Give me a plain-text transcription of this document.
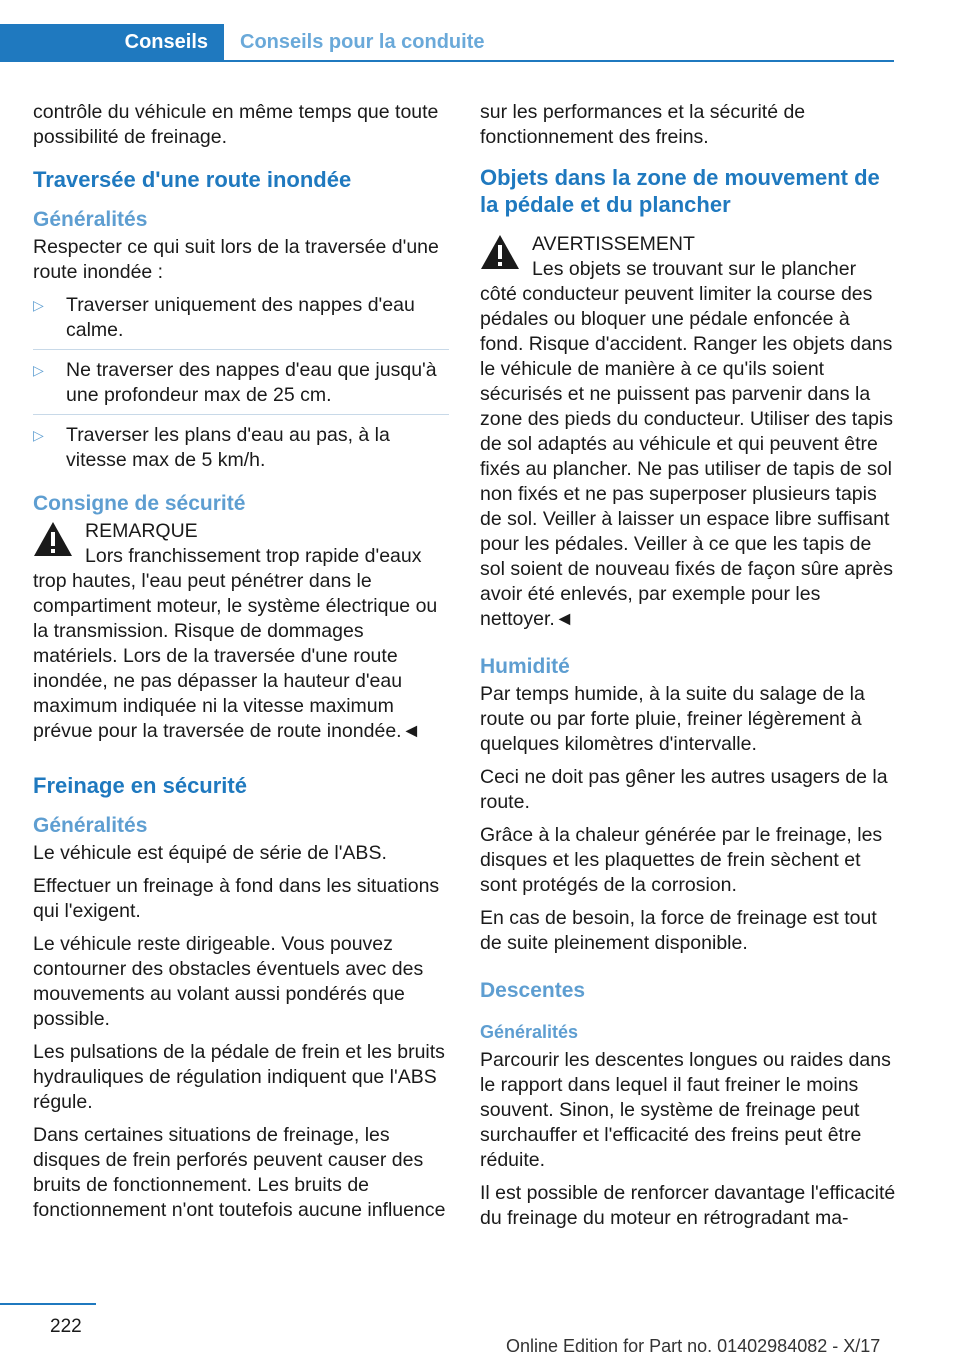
Conseils	Conseils pour la conduite

contrôle du véhicule en même temps que toute possibilité de freinage.

Traversée d'une route inondée
Généralités

Respecter ce qui suit lors de la traversée d'une route inondée :

▷ Traverser uniquement des nappes d'eau calme.
▷ Ne traverser des nappes d'eau que jusqu'à une profondeur max de 25 cm.
▷ Traverser les plans d'eau au pas, à la vitesse max de 5 km/h.
Consigne de sécurité
REMARQUE
Lors franchissement trop rapide d'eaux trop hautes, l'eau peut pénétrer dans le compartiment moteur, le système électrique ou la transmission. Risque de dommages matériels. Lors de la traversée d'une route inondée, ne pas dépasser la hauteur d'eau maximum indiquée ni la vitesse maximum prévue pour la traversée de route inondée.◄
Freinage en sécurité
Généralités

Le véhicule est équipé de série de l'ABS.

Effectuer un freinage à fond dans les situations qui l'exigent.

Le véhicule reste dirigeable. Vous pouvez contourner des obstacles éventuels avec des mouvements au volant aussi pondérés que possible.

Les pulsations de la pédale de frein et les bruits hydrauliques de régulation indiquent que l'ABS régule.

Dans certaines situations de freinage, les disques de frein perforés peuvent causer des bruits de fonctionnement. Les bruits de fonctionnement n'ont toutefois aucune influence

sur les performances et la sécurité de fonctionnement des freins.

Objets dans la zone de mouvement de la pédale et du plancher
AVERTISSEMENT
Les objets se trouvant sur le plancher côté conducteur peuvent limiter la course des pédales ou bloquer une pédale enfoncée à fond. Risque d'accident. Ranger les objets dans le véhicule de manière à ce qu'ils soient sécurisés et ne puissent pas parvenir dans la zone des pieds du conducteur. Utiliser des tapis de sol adaptés au véhicule et qui peuvent être fixés au plancher. Ne pas utiliser de tapis de sol non fixés et ne pas superposer plusieurs tapis de sol. Veiller à laisser un espace libre suffisant pour les pédales. Veiller à ce que les tapis de sol soient de nouveau fixés de façon sûre après avoir été enlevés, par exemple pour les nettoyer.◄
Humidité

Par temps humide, à la suite du salage de la route ou par forte pluie, freiner légèrement à quelques kilomètres d'intervalle.

Ceci ne doit pas gêner les autres usagers de la route.

Grâce à la chaleur générée par le freinage, les disques et les plaquettes de frein sèchent et sont protégés de la corrosion.

En cas de besoin, la force de freinage est tout de suite pleinement disponible.

Descentes
Généralités

Parcourir les descentes longues ou raides dans le rapport dans lequel il faut freiner le moins souvent. Sinon, le système de freinage peut surchauffer et l'efficacité des freins peut être réduite.

Il est possible de renforcer davantage l'efficacité du freinage du moteur en rétrogradant ma-

222
Online Edition for Part no. 01402984082 - X/17
